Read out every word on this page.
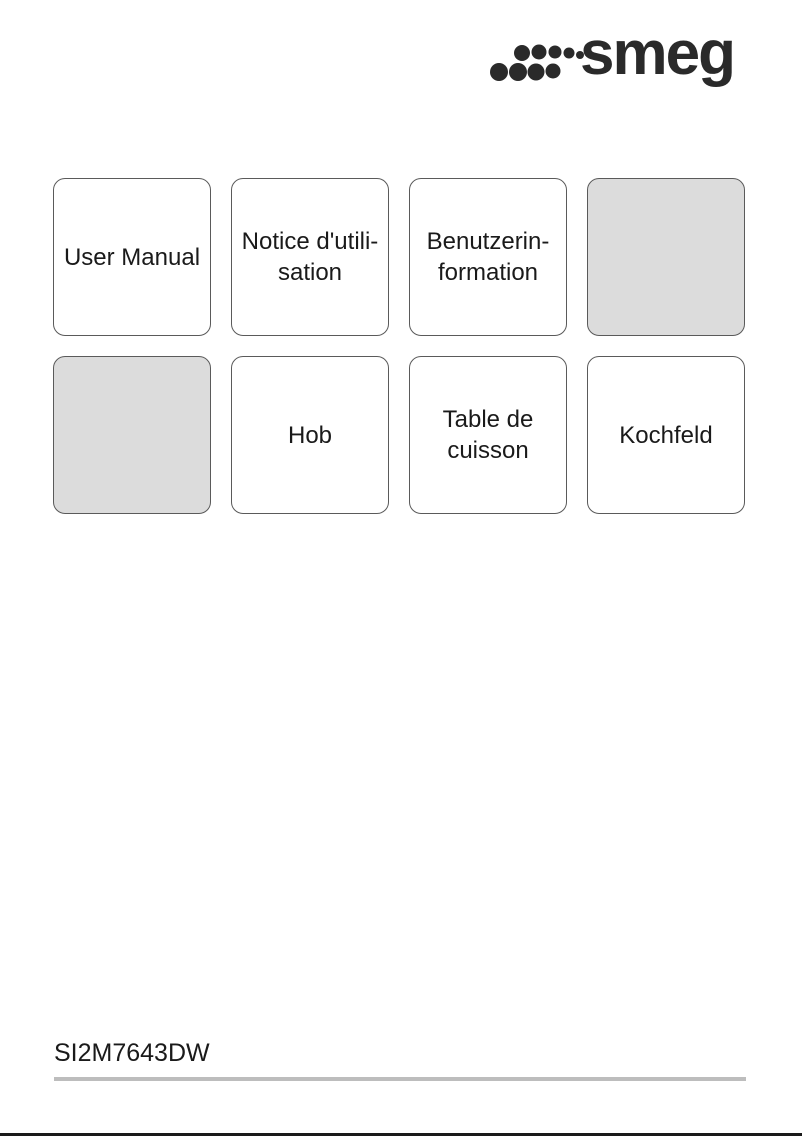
smeg
User Manual
Notice d'utili-
sation
Benutzerin-
formation
Hob
Table de
cuisson
Kochfeld
SI2M7643DW
